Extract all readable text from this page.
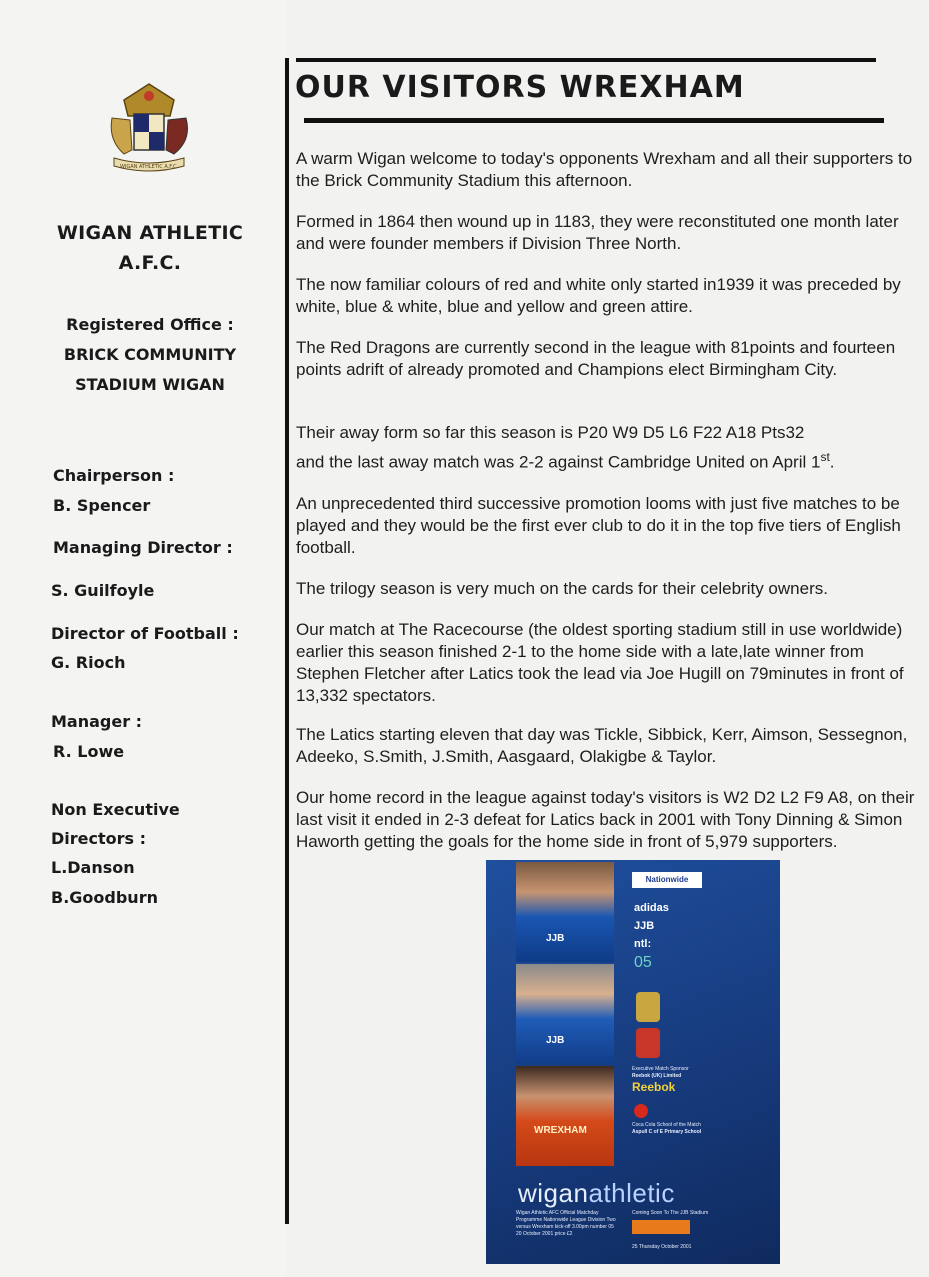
WIGAN ATHLETIC A.F.C.
WIGAN ATHLETIC
A.F.C.
Registered Office :
BRICK COMMUNITY
STADIUM WIGAN
Chairperson :
B. Spencer
Managing Director :
S. Guilfoyle
Director of Football :
G. Rioch
Manager :
R. Lowe
Non Executive
Directors :
L.Danson
B.Goodburn
OUR VISITORS WREXHAM
A warm Wigan welcome to today's opponents Wrexham and all their supporters to the Brick Community Stadium this afternoon.
Formed in 1864 then wound up in 1183, they were reconstituted one month later and were founder members if Division Three North.
The now familiar colours of red and white only started in1939 it was preceded by white, blue & white, blue and yellow and green attire.
The Red Dragons are currently second in the league with 81points and fourteen points adrift of already promoted and Champions elect Birmingham City.
Their away form so far this season is P20 W9 D5 L6 F22 A18 Pts32
and the last away match was 2-2 against Cambridge United on April 1st.
An unprecedented third successive promotion looms with just five matches to be played and they would be the first ever club to do it in the top five tiers of English football.
The trilogy season is very much on the cards for their celebrity owners.
Our match at The Racecourse (the oldest sporting stadium still in use worldwide) earlier this season finished 2-1 to the home side with a late,late winner from Stephen Fletcher after Latics took the lead via Joe Hugill on 79minutes in front of 13,332 spectators.
The Latics starting eleven that day was Tickle, Sibbick, Kerr, Aimson, Sessegnon, Adeeko, S.Smith, J.Smith, Aasgaard, Olakigbe & Taylor.
Our home record in the league against today's visitors is W2 D2 L2 F9 A8, on their last visit it ended in 2-3 defeat for Latics back in 2001 with Tony Dinning & Simon Haworth getting the goals for the home side in front of 5,979 supporters.
JJB
JJB
WREXHAM
Nationwide
adidas
JJB
ntl:
05
Executive Match Sponsor
Reebok (UK) Limited
Reebok
Coca Cola School of the Match
Aspull C of E Primary School
wiganathletic
Wigan Athletic AFC Official Matchday Programme Nationwide League Division Two versus Wrexham kick-off 3.00pm number 05 20 October 2001 price £2
Coming Soon To The JJB Stadium
25 Thursday October 2001
